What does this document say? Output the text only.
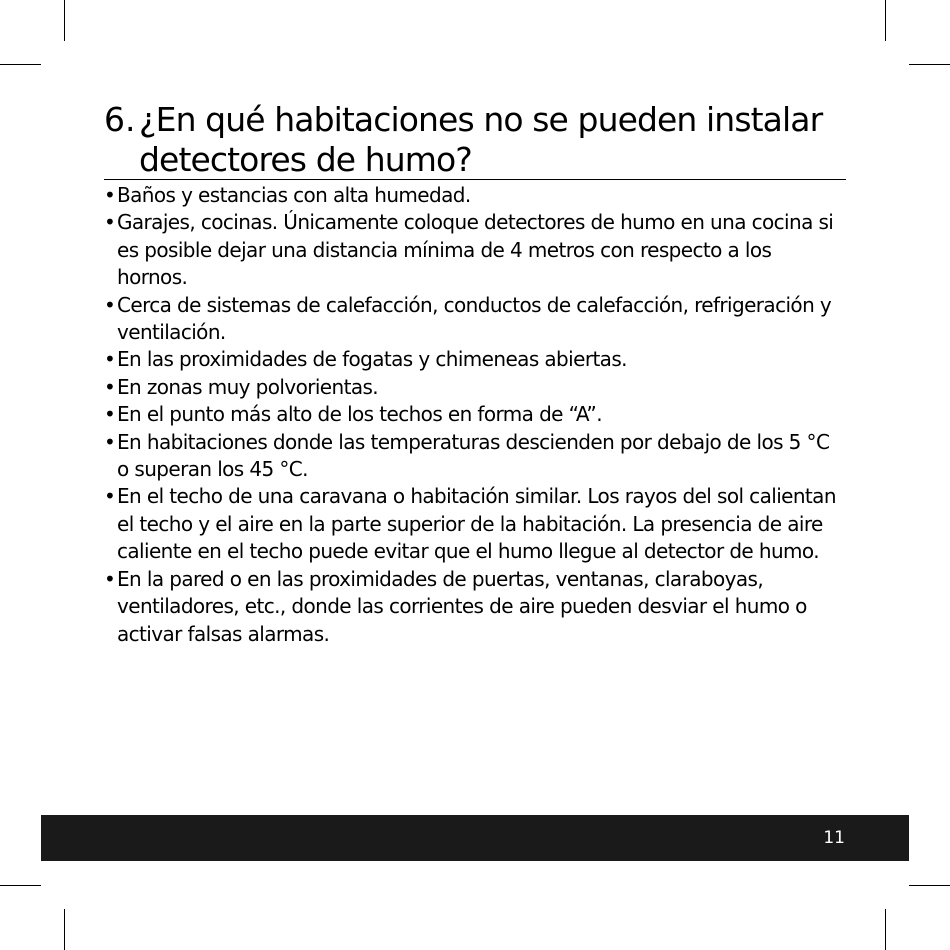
6. ¿En qué habitaciones no se pueden instalar detectores de humo?
• Baños y estancias con alta humedad.
• Garajes, cocinas. Únicamente coloque detectores de humo en una cocina si es posible dejar una distancia mínima de 4 metros con respecto a los hornos.
• Cerca de sistemas de calefacción, conductos de calefacción, refrigeración y ventilación.
• En las proximidades de fogatas y chimeneas abiertas.
• En zonas muy polvorientas.
• En el punto más alto de los techos en forma de “A”.
• En habitaciones donde las temperaturas descienden por debajo de los 5 °C o superan los 45 °C.
• En el techo de una caravana o habitación similar. Los rayos del sol calientan el techo y el aire en la parte superior de la habitación. La presencia de aire caliente en el techo puede evitar que el humo llegue al detector de humo.
• En la pared o en las proximidades de puertas, ventanas, claraboyas, ventiladores, etc., donde las corrientes de aire pueden desviar el humo o activar falsas alarmas.
11
